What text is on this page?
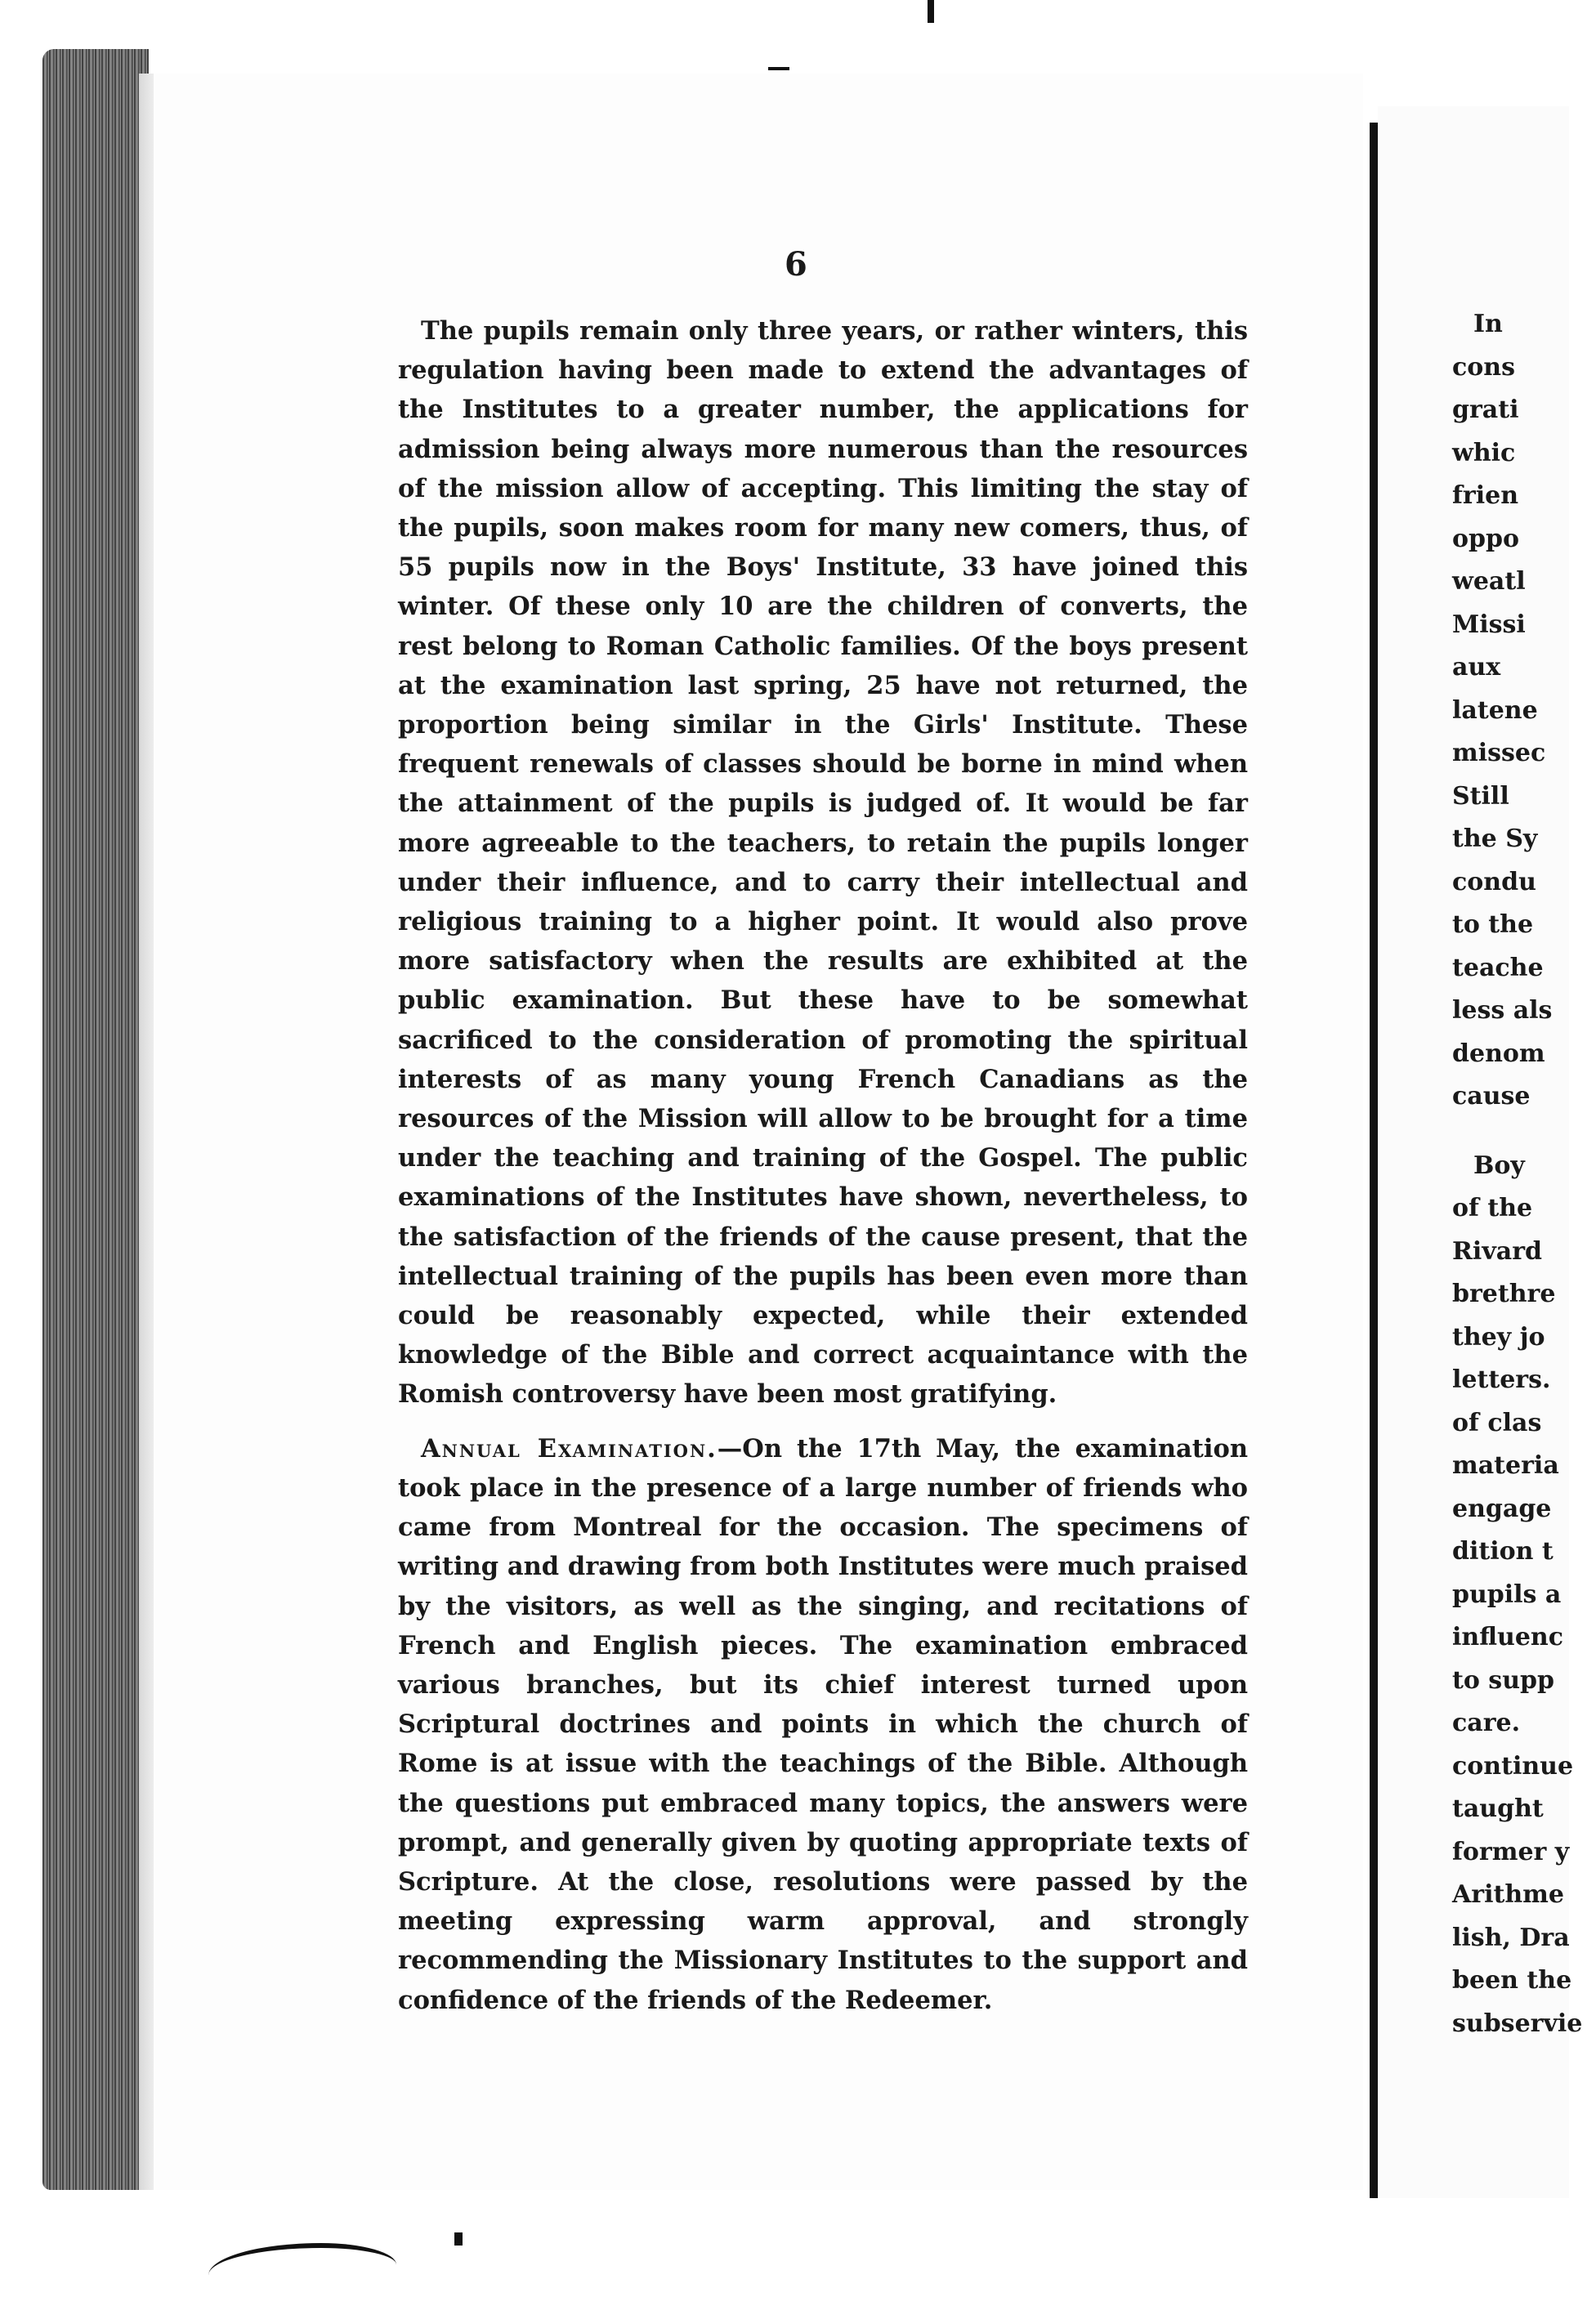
6

The pupils remain only three years, or rather winters, this regulation having been made to extend the advantages of the Institutes to a greater number, the applications for admission being always more numerous than the resources of the mission allow of accepting. This limiting the stay of the pupils, soon makes room for many new comers, thus, of 55 pupils now in the Boys' Institute, 33 have joined this winter. Of these only 10 are the children of converts, the rest belong to Roman Catholic families. Of the boys present at the examination last spring, 25 have not returned, the proportion being similar in the Girls' Institute. These frequent renewals of classes should be borne in mind when the attainment of the pupils is judged of. It would be far more agreeable to the teachers, to retain the pupils longer under their influence, and to carry their intellectual and religious training to a higher point. It would also prove more satisfactory when the results are exhibited at the public examination. But these have to be somewhat sacrificed to the consideration of promoting the spiritual interests of as many young French Canadians as the resources of the Mission will allow to be brought for a time under the teaching and training of the Gospel. The public examinations of the Institutes have shown, nevertheless, to the satisfaction of the friends of the cause present, that the intellectual training of the pupils has been even more than could be reasonably expected, while their extended knowledge of the Bible and correct acquaintance with the Romish controversy have been most gratifying.

Annual Examination.—On the 17th May, the examination took place in the presence of a large number of friends who came from Montreal for the occasion. The specimens of writing and drawing from both Institutes were much praised by the visitors, as well as the singing, and recitations of French and English pieces. The examination embraced various branches, but its chief interest turned upon Scriptural doctrines and points in which the church of Rome is at issue with the teachings of the Bible. Although the questions put embraced many topics, the answers were prompt, and generally given by quoting appropriate texts of Scripture. At the close, resolutions were passed by the meeting expressing warm approval, and strongly recommending the Missionary Institutes to the support and confidence of the friends of the Redeemer.

In
cons
grati
whic
frien
oppo
weatl
Missi
aux
latene
missec
Still
the Sy
condu
to the
teache
less als
denom
cause
Boy
of the
Rivard
brethre
they jo
letters.
of clas
materia
engage
dition t
pupils a
influenc
to supp
care.
continue
taught
former y
Arithme
lish, Dra
been the
subservie
